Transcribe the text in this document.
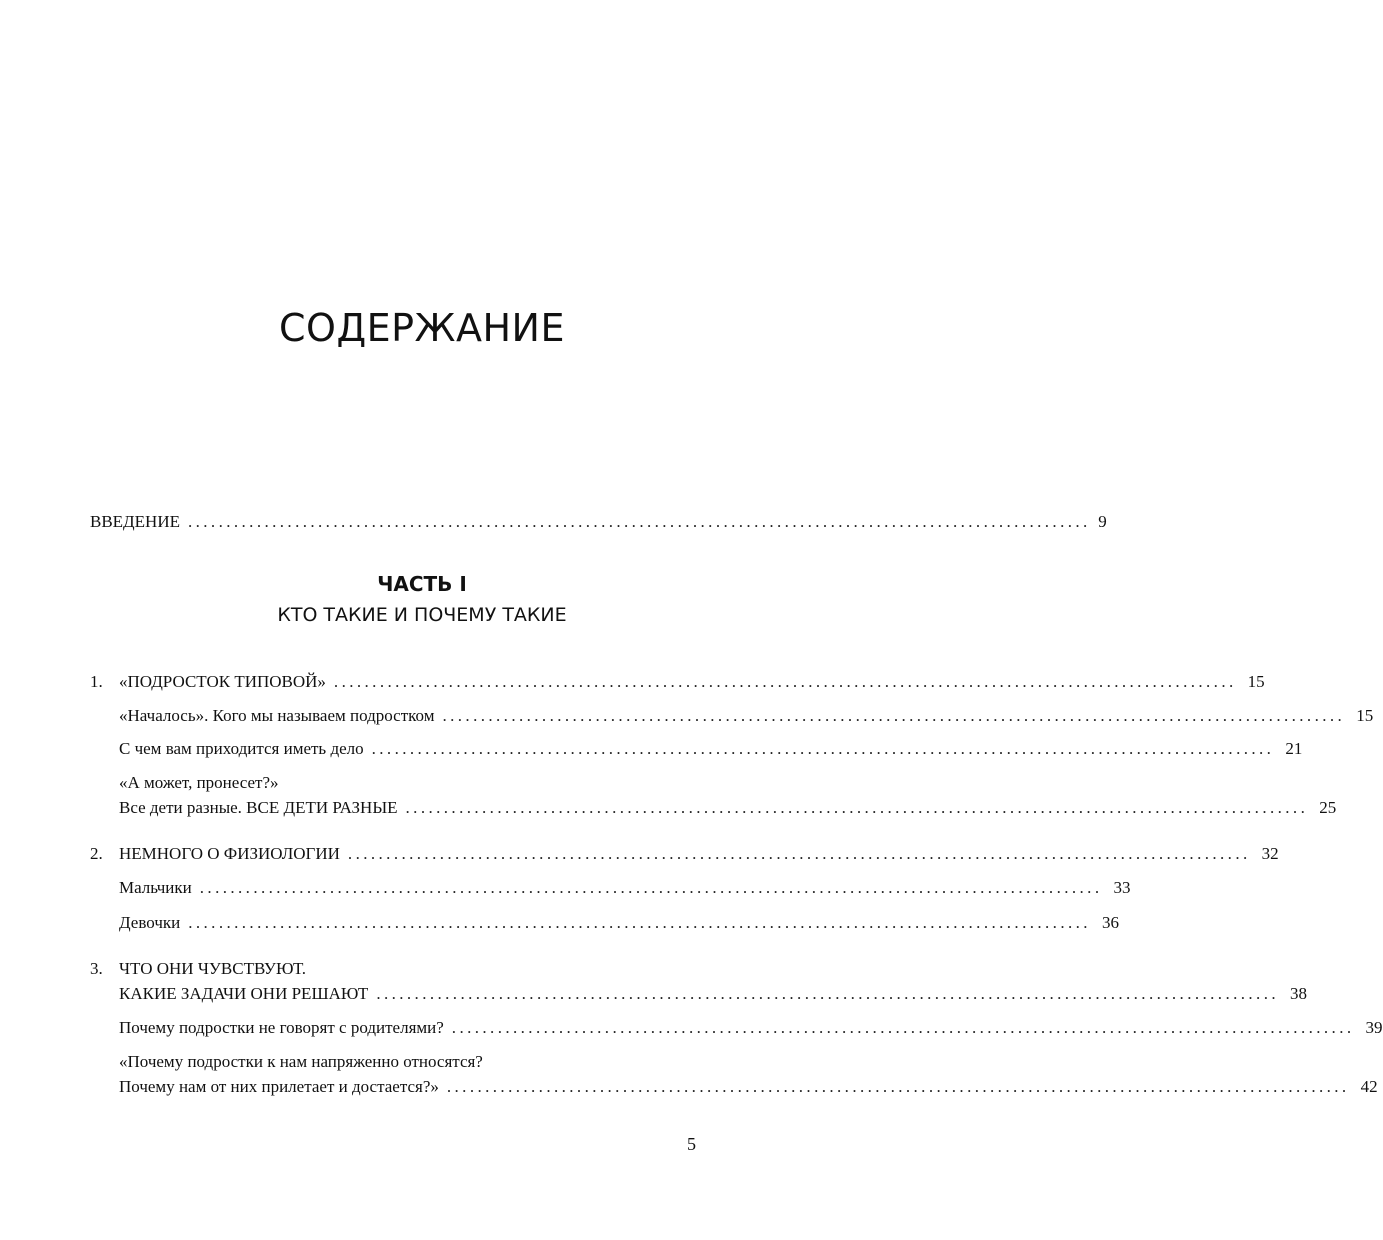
СОДЕРЖАНИЕ
ВВЕДЕНИЕ ...................................................................................................................... 9
ЧАСТЬ I
КТО ТАКИЕ И ПОЧЕМУ ТАКИЕ
1. «ПОДРОСТОК ТИПОВОЙ» ...................................................................................................................... 15
«Началось». Кого мы называем подростком ...................................................................................................................... 15
С чем вам приходится иметь дело ...................................................................................................................... 21
«А может, пронесет?»
Все дети разные. ВСЕ ДЕТИ РАЗНЫЕ ...................................................................................................................... 25
2. НЕМНОГО О ФИЗИОЛОГИИ ...................................................................................................................... 32
Мальчики ...................................................................................................................... 33
Девочки ...................................................................................................................... 36
3. ЧТО ОНИ ЧУВСТВУЮТ.
КАКИЕ ЗАДАЧИ ОНИ РЕШАЮТ ...................................................................................................................... 38
Почему подростки не говорят с родителями? ...................................................................................................................... 39
«Почему подростки к нам напряженно относятся?
Почему нам от них прилетает и достается?» ...................................................................................................................... 42
5
